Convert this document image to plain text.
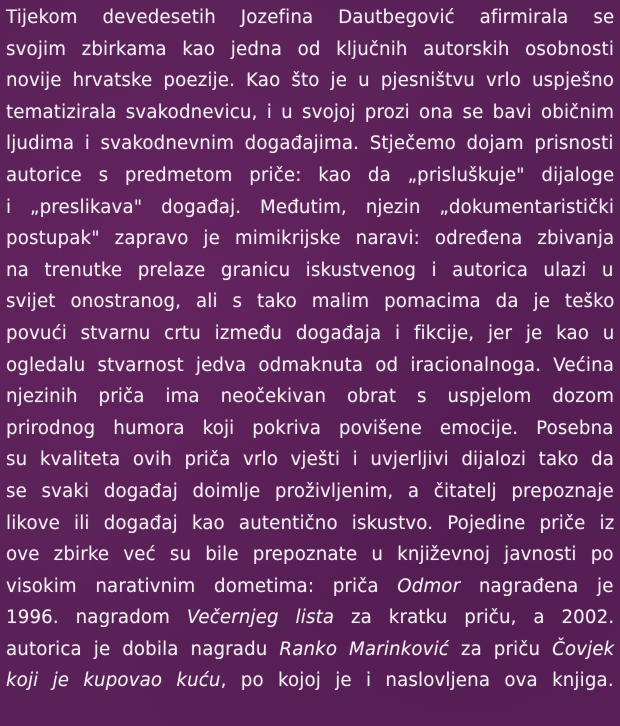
Tijekom devedesetih Jozefina Dautbegović afirmirala se
svojim zbirkama kao jedna od ključnih autorskih osobnosti
novije hrvatske poezije. Kao što je u pjesništvu vrlo uspješno
tematizirala svakodnevicu, i u svojoj prozi ona se bavi običnim
ljudima i svakodnevnim događajima. Stječemo dojam prisnosti
autorice s predmetom priče: kao da „prisluškuje" dijaloge
i „preslikava" događaj. Međutim, njezin „dokumentaristički
postupak" zapravo je mimikrijske naravi: određena zbivanja
na trenutke prelaze granicu iskustvenog i autorica ulazi u
svijet onostranog, ali s tako malim pomacima da je teško
povući stvarnu crtu između događaja i fikcije, jer je kao u
ogledalu stvarnost jedva odmaknuta od iracionalnoga. Većina
njezinih priča ima neočekivan obrat s uspjelom dozom
prirodnog humora koji pokriva povišene emocije. Posebna
su kvaliteta ovih priča vrlo vješti i uvjerljivi dijalozi tako da
se svaki događaj doimlje proživljenim, a čitatelj prepoznaje
likove ili događaj kao autentično iskustvo. Pojedine priče iz
ove zbirke već su bile prepoznate u književnoj javnosti po
visokim narativnim dometima: priča Odmor nagrađena je
1996. nagradom Večernjeg lista za kratku priču, a 2002.
autorica je dobila nagradu Ranko Marinković za priču Čovjek
koji je kupovao kuću, po kojoj je i naslovljena ova knjiga.
